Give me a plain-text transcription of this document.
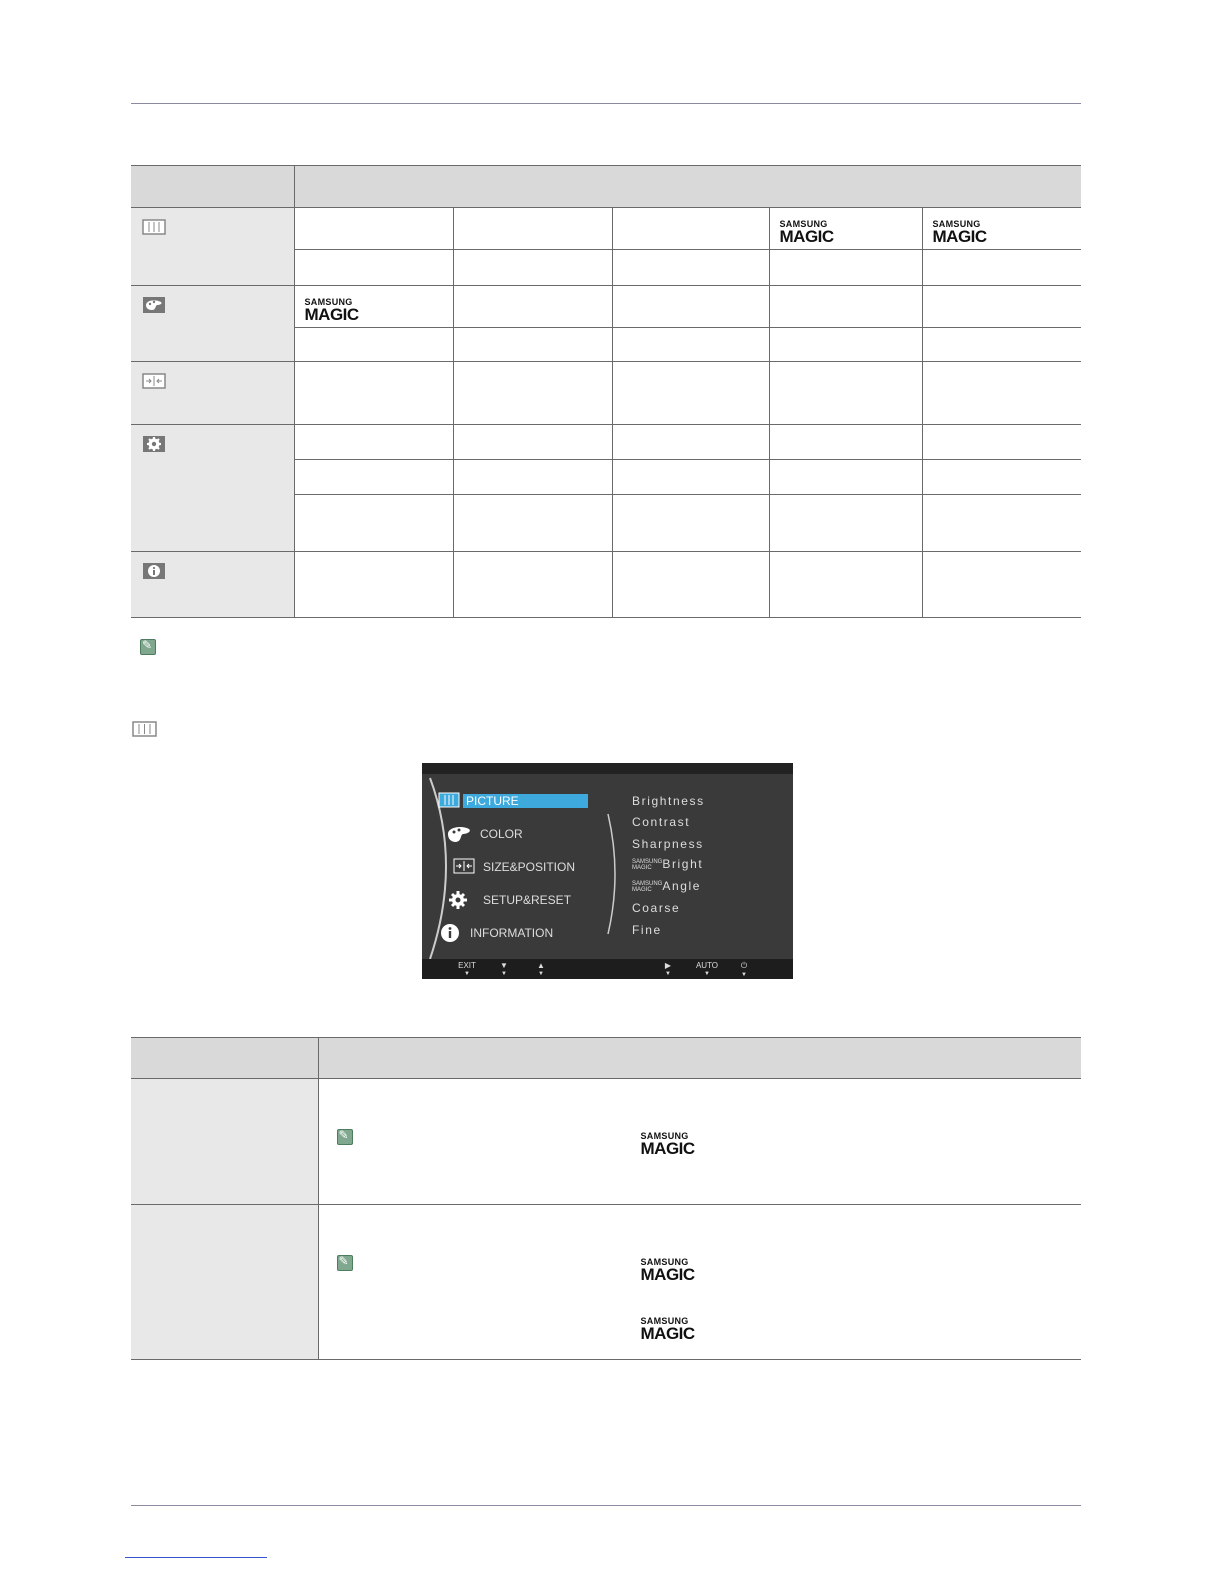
SAMSUNG
MAGIC	SAMSUNG
MAGIC

SAMSUNG
MAGIC				

✎
PICTURE
COLOR
SIZE&POSITION
SETUP&RESET
INFORMATION
Brightness
Contrast
Sharpness
SAMSUNG
MAGIC Bright
SAMSUNG
MAGIC Angle
Coarse
Fine
EXIT
▼
▼
▼
▲
▼
▶
▼
AUTO
▼
⏻
▼

✎
SAMSUNG
MAGIC

✎
SAMSUNG
MAGIC
SAMSUNG
MAGIC
